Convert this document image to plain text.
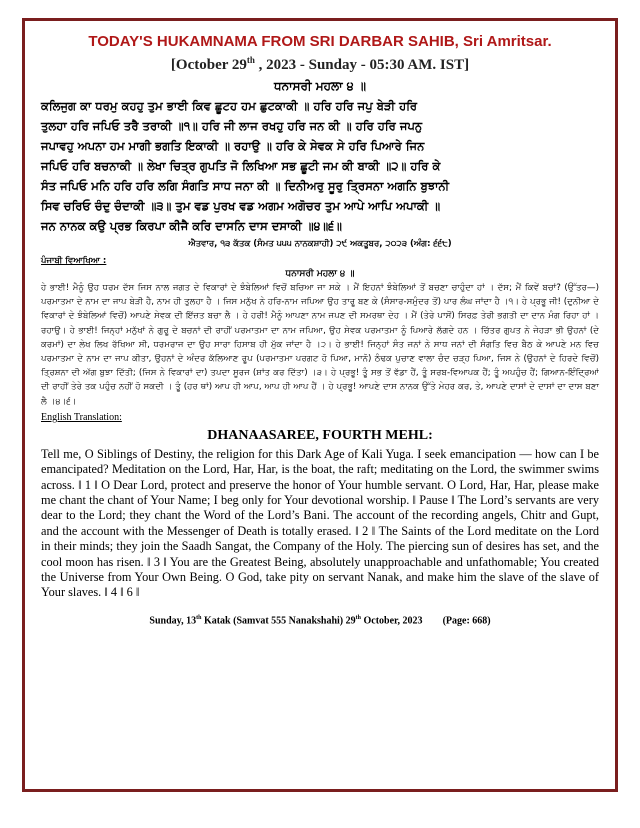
TODAY'S HUKAMNAMA FROM SRI DARBAR SAHIB, Sri Amritsar.
[October 29th , 2023 - Sunday - 05:30 AM. IST]
ਧਨਾਸਰੀ ਮਹਲਾ ੪ ॥
ਕਲਿਜੁਗ ਕਾ ਧਰਮੁ ਕਹਹੁ ਤੁਮ ਭਾਈ ਕਿਵ ਛੂਟਹ ਹਮ ਛੁਟਕਾਕੀ ॥ ਹਰਿ ਹਰਿ ਜਪੁ ਬੇੜੀ ਹਰਿ
ਤੁਲਹਾ ਹਰਿ ਜਪਿਓ ਤਰੈ ਤਰਾਕੀ ॥੧॥ ਹਰਿ ਜੀ ਲਾਜ ਰਖਹੁ ਹਰਿ ਜਨ ਕੀ ॥ ਹਰਿ ਹਰਿ ਜਪਨੁ
ਜਪਾਵਹੁ ਅਪਨਾ ਹਮ ਮਾਗੀ ਭਗਤਿ ਇਕਾਕੀ ॥ ਰਹਾਉ ॥ ਹਰਿ ਕੇ ਸੇਵਕ ਸੇ ਹਰਿ ਪਿਆਰੇ ਜਿਨ
ਜਪਿਓ ਹਰਿ ਬਚਨਾਕੀ ॥ ਲੇਖਾ ਚਿਤ੍ਰ ਗੁਪਤਿ ਜੋ ਲਿਖਿਆ ਸਭ ਛੂਟੀ ਜਮ ਕੀ ਬਾਕੀ ॥੨॥ ਹਰਿ ਕੇ
ਸੰਤ ਜਪਿਓ ਮਨਿ ਹਰਿ ਹਰਿ ਲਗਿ ਸੰਗਤਿ ਸਾਧ ਜਨਾ ਕੀ ॥ ਦਿਨੀਅਰੁ ਸੂਰੁ ਤ੍ਰਿਸਨਾ ਅਗਨਿ ਬੁਝਾਨੀ
ਸਿਵ ਚਰਿਓ ਚੰਦੁ ਚੰਦਾਕੀ ॥੩॥ ਤੁਮ ਵਡ ਪੁਰਖ ਵਡ ਅਗਮ ਅਗੋਚਰ ਤੁਮ ਆਪੇ ਆਪਿ ਅਪਾਕੀ ॥
ਜਨ ਨਾਨਕ ਕਉ ਪ੍ਰਭ ਕਿਰਪਾ ਕੀਜੈ ਕਰਿ ਦਾਸਨਿ ਦਾਸ ਦਸਾਕੀ ॥੪॥੬॥
ਐਤਵਾਰ, ੧੩ ਕੱਤਕ (ਸੰਮਤ ੫੫੫ ਨਾਨਕਸ਼ਾਹੀ) ੨੯ ਅਕਤੂਬਰ, ੨੦੨੩ (ਅੰਗ: ੬੬੮)
ਪੰਜਾਬੀ ਵਿਆਖਿਆ :
ਧਨਾਸਰੀ ਮਹਲਾ ੪ ॥
ਹੇ ਭਾਈ! ਮੈਨੂੰ ਉਹ ਧਰਮ ਦੱਸ ਜਿਸ ਨਾਲ ਜਗਤ ਦੇ ਵਿਕਾਰਾਂ ਦੇ ਝੰਬੇਲਿਆਂ ਵਿਚੋਂ ਬਚਿਆ ਜਾ ਸਕੇ । ਮੈਂ ਇਹਨਾਂ ਝੰਬੇਲਿਆਂ ਤੋਂ ਬਚਣਾ ਚਾਹੁੰਦਾ ਹਾਂ । ਦੱਸ; ਮੈਂ ਕਿਵੇਂ ਬਚਾਂ? (ਉੱਤਰ—) ਪਰਮਾਤਮਾ ਦੇ ਨਾਮ ਦਾ ਜਾਪ ਬੇੜੀ ਹੈ, ਨਾਮ ਹੀ ਤੁਲਹਾ ਹੈ । ਜਿਸ ਮਨੁੱਖ ਨੇ ਹਰਿ-ਨਾਮ ਜਪਿਆ ਉਹ ਤਾਰੂ ਬਣ ਕੇ (ਸੰਸਾਰ-ਸਮੁੰਦਰ ਤੋਂ) ਪਾਰ ਲੰਘ ਜਾਂਦਾ ਹੈ ।੧। ਹੇ ਪ੍ਰਭੂ ਜੀ! (ਦੁਨੀਆ ਦੇ ਵਿਕਾਰਾਂ ਦੇ ਝੰਬੇਲਿਆਂ ਵਿਚੋਂ) ਆਪਣੇ ਸੇਵਕ ਦੀ ਇੱਜ਼ਤ ਬਚਾ ਲੈ । ਹੇ ਹਰੀ! ਮੈਨੂੰ ਆਪਣਾ ਨਾਮ ਜਪਣ ਦੀ ਸਮਰਥਾ ਦੇਹ । ਮੈਂ (ਤੇਰੇ ਪਾਸੋਂ) ਸਿਰਫ਼ ਤੇਰੀ ਭਗਤੀ ਦਾ ਦਾਨ ਮੰਗ ਰਿਹਾ ਹਾਂ ।ਰਹਾਉ। ਹੇ ਭਾਈ! ਜਿਨ੍ਹਾਂ ਮਨੁੱਖਾਂ ਨੇ ਗੁਰੂ ਦੇ ਬਚਨਾਂ ਦੀ ਰਾਹੀਂ ਪਰਮਾਤਮਾ ਦਾ ਨਾਮ ਜਪਿਆ, ਉਹ ਸੇਵਕ ਪਰਮਾਤਮਾ ਨੂੰ ਪਿਆਰੇ ਲੱਗਦੇ ਹਨ । ਚਿੱਤਰ ਗੁਪਤ ਨੇ ਜੇਹੜਾ ਭੀ ਉਹਨਾਂ (ਦੇ ਕਰਮਾਂ) ਦਾ ਲੇਖ ਲਿਖ ਰੱਖਿਆ ਸੀ, ਧਰਮਰਾਜ ਦਾ ਉਹ ਸਾਰਾ ਹਿਸਾਬ ਹੀ ਮੁੱਕ ਜਾਂਦਾ ਹੈ ।੨। ਹੇ ਭਾਈ! ਜਿਨ੍ਹਾਂ ਸੰਤ ਜਨਾਂ ਨੇ ਸਾਧ ਜਨਾਂ ਦੀ ਸੰਗਤਿ ਵਿਚ ਬੈਠ ਕੇ ਆਪਣੇ ਮਨ ਵਿਚ ਪਰਮਾਤਮਾ ਦੇ ਨਾਮ ਦਾ ਜਾਪ ਕੀਤਾ, ਉਹਨਾਂ ਦੇ ਅੰਦਰ ਕੱਲਿਆਣ ਰੂਪ (ਪਰਮਾਤਮਾ ਪਰਗਟ ਹੋ ਪਿਆ, ਮਾਨੋ) ਠੰਢਕ ਪੁਚਾਣ ਵਾਲਾ ਚੰਦ ਚੜ੍ਹ ਪਿਆ, ਜਿਸ ਨੇ (ਉਹਨਾਂ ਦੇ ਹਿਰਦੇ ਵਿਚੋਂ) ਤ੍ਰਿਸ਼ਨਾ ਦੀ ਅੱਗ ਬੁਝਾ ਦਿੱਤੀ; (ਜਿਸ ਨੇ ਵਿਕਾਰਾਂ ਦਾ) ਤਪਦਾ ਸੂਰਜ (ਸ਼ਾਂਤ ਕਰ ਦਿੱਤਾ) ।੩। ਹੇ ਪ੍ਰਭੂ! ਤੂੰ ਸਭ ਤੋਂ ਵੱਡਾ ਹੈਂ, ਤੂੰ ਸਰਬ-ਵਿਆਪਕ ਹੈਂ; ਤੂੰ ਅਪਹੁੰਚ ਹੈਂ; ਗਿਆਨ-ਇੰਦ੍ਰਿਆਂ ਦੀ ਰਾਹੀਂ ਤੇਰੇ ਤਕ ਪਹੁੰਚ ਨਹੀਂ ਹੋ ਸਕਦੀ । ਤੂੰ (ਹਰ ਥਾਂ) ਆਪ ਹੀ ਆਪ, ਆਪ ਹੀ ਆਪ ਹੈਂ । ਹੇ ਪ੍ਰਭੂ! ਆਪਣੇ ਦਾਸ ਨਾਨਕ ਉੱਤੇ ਮੇਹਰ ਕਰ, ਤੇ, ਆਪਣੇ ਦਾਸਾਂ ਦੇ ਦਾਸਾਂ ਦਾ ਦਾਸ ਬਣਾ ਲੈ ।੪।੬।
English Translation:
DHANAASAREE, FOURTH MEHL:
Tell me, O Siblings of Destiny, the religion for this Dark Age of Kali Yuga. I seek emancipation — how can I be emancipated? Meditation on the Lord, Har, Har, is the boat, the raft; meditating on the Lord, the swimmer swims across. ‖ 1 ‖ O Dear Lord, protect and preserve the honor of Your humble servant. O Lord, Har, Har, please make me chant the chant of Your Name; I beg only for Your devotional worship. ‖ Pause ‖ The Lord’s servants are very dear to the Lord; they chant the Word of the Lord’s Bani. The account of the recording angels, Chitr and Gupt, and the account with the Messenger of Death is totally erased. ‖ 2 ‖ The Saints of the Lord meditate on the Lord in their minds; they join the Saadh Sangat, the Company of the Holy. The piercing sun of desires has set, and the cool moon has risen. ‖ 3 ‖ You are the Greatest Being, absolutely unapproachable and unfathomable; You created the Universe from Your Own Being. O God, take pity on servant Nanak, and make him the slave of the slave of Your slaves. ‖ 4 ‖ 6 ‖
Sunday, 13th Katak (Samvat 555 Nanakshahi) 29th October, 2023 (Page: 668)
